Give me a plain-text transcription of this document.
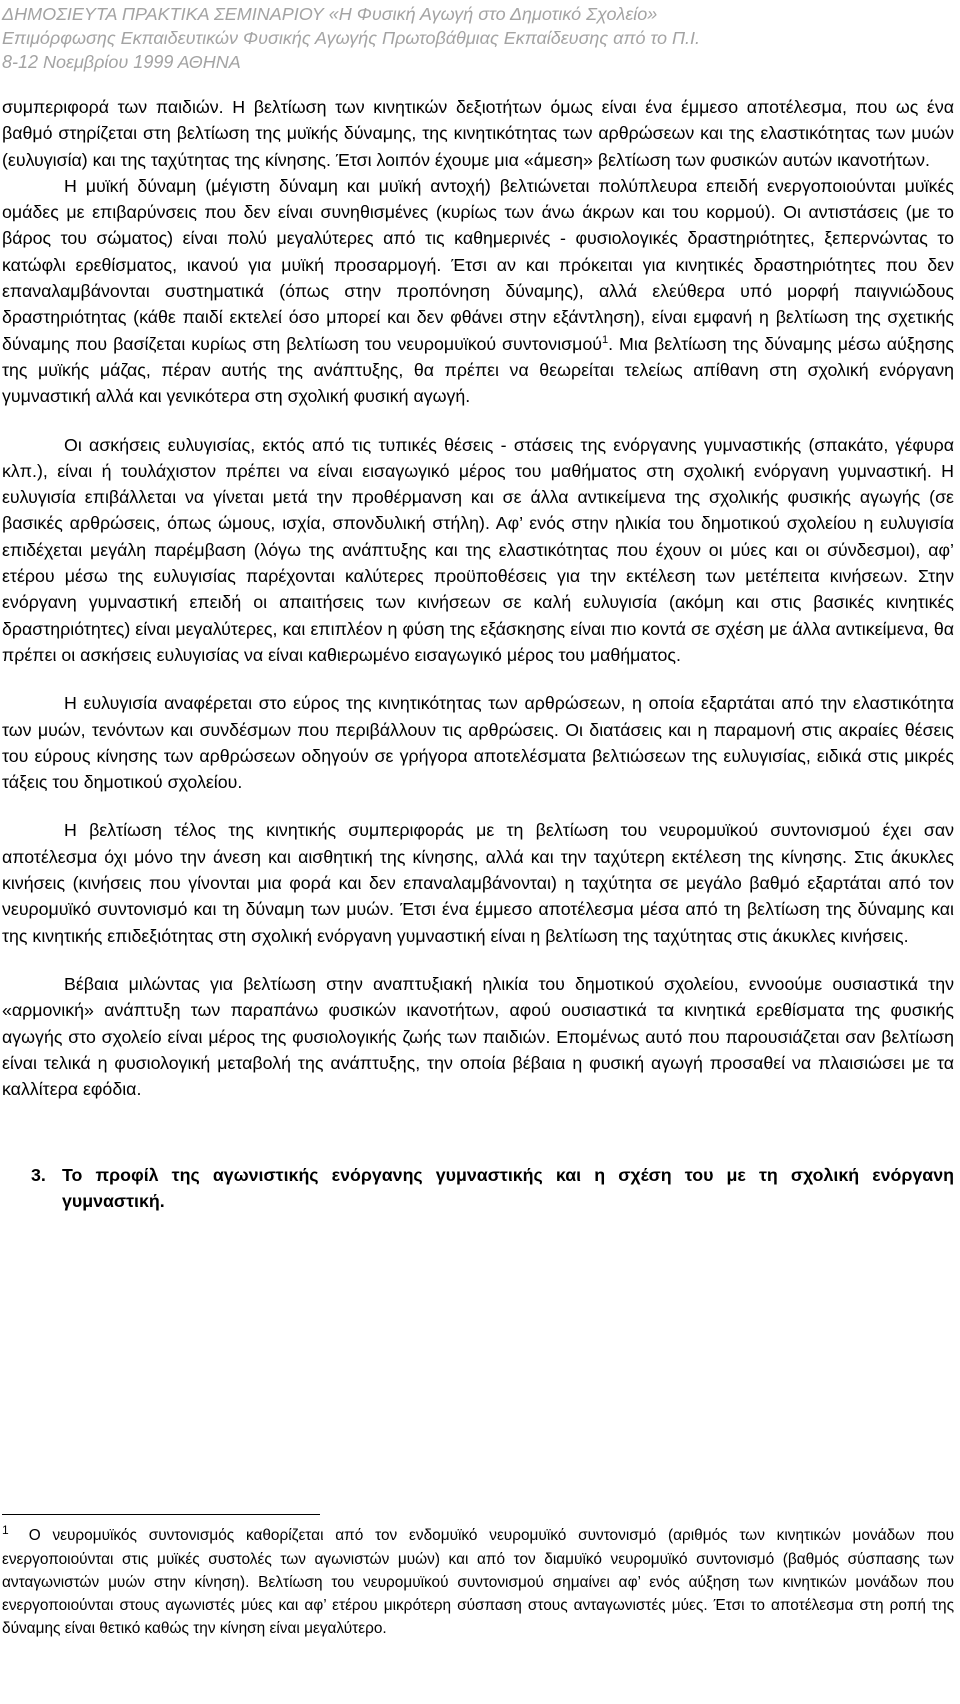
ΔΗΜΟΣΙΕΥΤΑ ΠΡΑΚΤΙΚΑ ΣΕΜΙΝΑΡΙΟΥ «Η Φυσική Αγωγή στο Δημοτικό Σχολείο»
Επιμόρφωσης Εκπαιδευτικών Φυσικής Αγωγής Πρωτοβάθμιας Εκπαίδευσης από το Π.Ι.
8-12 Νοεμβρίου 1999 ΑΘΗΝΑ

συμπεριφορά των παιδιών. Η βελτίωση των κινητικών δεξιοτήτων όμως είναι ένα έμμεσο αποτέλεσμα, που ως ένα βαθμό στηρίζεται στη βελτίωση της μυϊκής δύναμης, της κινητικότητας των αρθρώσεων και της ελαστικότητας των μυών (ευλυγισία) και της ταχύτητας της κίνησης. Έτσι λοιπόν έχουμε μια «άμεση» βελτίωση των φυσικών αυτών ικανοτήτων.

Η μυϊκή δύναμη (μέγιστη δύναμη και μυϊκή αντοχή) βελτιώνεται πολύπλευρα επειδή ενεργοποιούνται μυϊκές ομάδες με επιβαρύνσεις που δεν είναι συνηθισμένες (κυρίως των άνω άκρων και του κορμού). Οι αντιστάσεις (με το βάρος του σώματος) είναι πολύ μεγαλύτερες από τις καθημερινές - φυσιολογικές δραστηριότητες, ξεπερνώντας το κατώφλι ερεθίσματος, ικανού για μυϊκή προσαρμογή. Έτσι αν και πρόκειται για κινητικές δραστηριότητες που δεν επαναλαμβάνονται συστηματικά (όπως στην προπόνηση δύναμης), αλλά ελεύθερα υπό μορφή παιγνιώδους δραστηριότητας (κάθε παιδί εκτελεί όσο μπορεί και δεν φθάνει στην εξάντληση), είναι εμφανή η βελτίωση της σχετικής δύναμης που βασίζεται κυρίως στη βελτίωση του νευρομυϊκού συντονισμού$^1$. Μια βελτίωση της δύναμης μέσω αύξησης της μυϊκής μάζας, πέραν αυτής της ανάπτυξης, θα πρέπει να θεωρείται τελείως απίθανη στη σχολική ενόργανη γυμναστική αλλά και γενικότερα στη σχολική φυσική αγωγή.

Οι ασκήσεις ευλυγισίας, εκτός από τις τυπικές θέσεις - στάσεις της ενόργανης γυμναστικής (σπακάτο, γέφυρα κλπ.), είναι ή τουλάχιστον πρέπει να είναι εισαγωγικό μέρος του μαθήματος στη σχολική ενόργανη γυμναστική. Η ευλυγισία επιβάλλεται να γίνεται μετά την προθέρμανση και σε άλλα αντικείμενα της σχολικής φυσικής αγωγής (σε βασικές αρθρώσεις, όπως ώμους, ισχία, σπονδυλική στήλη). Αφ’ ενός στην ηλικία του δημοτικού σχολείου η ευλυγισία επιδέχεται μεγάλη παρέμβαση (λόγω της ανάπτυξης και της ελαστικότητας που έχουν οι μύες και οι σύνδεσμοι), αφ’ ετέρου μέσω της ευλυγισίας παρέχονται καλύτερες προϋποθέσεις για την εκτέλεση των μετέπειτα κινήσεων. Στην ενόργανη γυμναστική επειδή οι απαιτήσεις των κινήσεων σε καλή ευλυγισία (ακόμη και στις βασικές κινητικές δραστηριότητες) είναι μεγαλύτερες, και επιπλέον η φύση της εξάσκησης είναι πιο κοντά σε σχέση με άλλα αντικείμενα, θα πρέπει οι ασκήσεις ευλυγισίας να είναι καθιερωμένο εισαγωγικό μέρος του μαθήματος.

Η ευλυγισία αναφέρεται στο εύρος της κινητικότητας των αρθρώσεων, η οποία εξαρτάται από την ελαστικότητα των μυών, τενόντων και συνδέσμων που περιβάλλουν τις αρθρώσεις. Οι διατάσεις και η παραμονή στις ακραίες θέσεις του εύρους κίνησης των αρθρώσεων οδηγούν σε γρήγορα αποτελέσματα βελτιώσεων της ευλυγισίας, ειδικά στις μικρές τάξεις του δημοτικού σχολείου.

Η βελτίωση τέλος της κινητικής συμπεριφοράς με τη βελτίωση του νευρομυϊκού συντονισμού έχει σαν αποτέλεσμα όχι μόνο την άνεση και αισθητική της κίνησης, αλλά και την ταχύτερη εκτέλεση της κίνησης. Στις άκυκλες κινήσεις (κινήσεις που γίνονται μια φορά και δεν επαναλαμβάνονται) η ταχύτητα σε μεγάλο βαθμό εξαρτάται από τον νευρομυϊκό συντονισμό και τη δύναμη των μυών. Έτσι ένα έμμεσο αποτέλεσμα μέσα από τη βελτίωση της δύναμης και της κινητικής επιδεξιότητας στη σχολική ενόργανη γυμναστική είναι η βελτίωση της ταχύτητας στις άκυκλες κινήσεις.

Βέβαια μιλώντας για βελτίωση στην αναπτυξιακή ηλικία του δημοτικού σχολείου, εννοούμε ουσιαστικά την «αρμονική» ανάπτυξη των παραπάνω φυσικών ικανοτήτων, αφού ουσιαστικά τα κινητικά ερεθίσματα της φυσικής αγωγής στο σχολείο είναι μέρος της φυσιολογικής ζωής των παιδιών. Επομένως αυτό που παρουσιάζεται σαν βελτίωση είναι τελικά η φυσιολογική μεταβολή της ανάπτυξης, την οποία βέβαια η φυσική αγωγή προσαθεί να πλαισιώσει με τα καλλίτερα εφόδια.

3. Το προφίλ της αγωνιστικής ενόργανης γυμναστικής και η σχέση του με τη σχολική ενόργανη γυμναστική.

$^1$ Ο νευρομυϊκός συντονισμός καθορίζεται από τον ενδομυϊκό νευρομυϊκό συντονισμό (αριθμός των κινητικών μονάδων που ενεργοποιούνται στις μυϊκές συστολές των αγωνιστών μυών) και από τον διαμυϊκό νευρομυϊκό συντονισμό (βαθμός σύσπασης των ανταγωνιστών μυών στην κίνηση). Βελτίωση του νευρομυϊκού συντονισμού σημαίνει αφ’ ενός αύξηση των κινητικών μονάδων που ενεργοποιούνται στους αγωνιστές μύες και αφ’ ετέρου μικρότερη σύσπαση στους ανταγωνιστές μύες. Έτσι το αποτέλεσμα στη ροπή της δύναμης είναι θετικό καθώς την κίνηση είναι μεγαλύτερο.
